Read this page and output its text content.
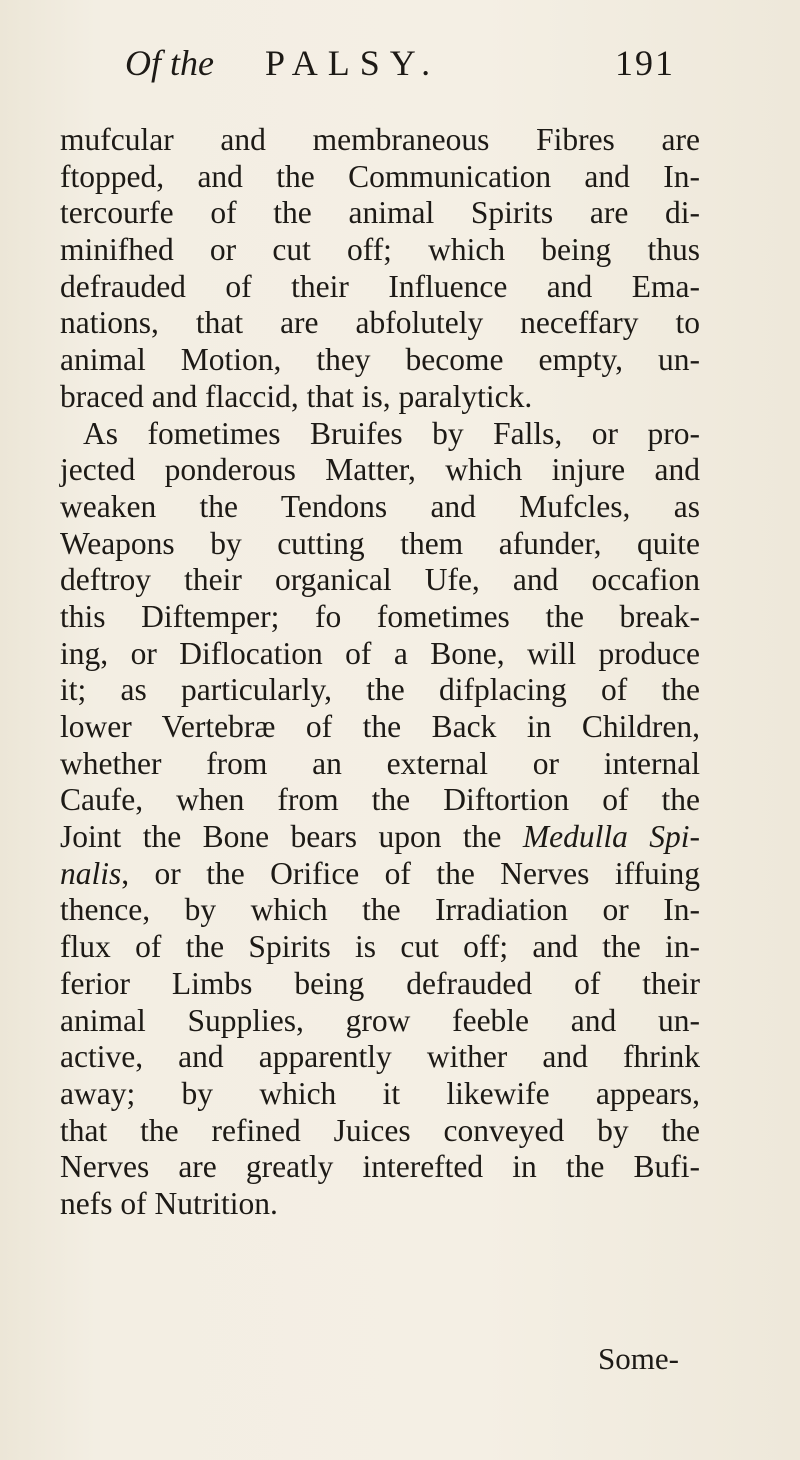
Of the PALSY.	191
mufcular and membraneous Fibres are
ftopped, and the Communication and In-
tercourfe of the animal Spirits are di-
minifhed or cut off; which being thus
defrauded of their Influence and Ema-
nations, that are abfolutely neceffary to
animal Motion, they become empty, un-
braced and flaccid, that is, paralytick.
As fometimes Bruifes by Falls, or pro-
jected ponderous Matter, which injure and
weaken the Tendons and Mufcles, as
Weapons by cutting them afunder, quite
deftroy their organical Ufe, and occafion
this Diftemper; fo fometimes the break-
ing, or Diflocation of a Bone, will produce
it; as particularly, the difplacing of the
lower Vertebræ of the Back in Children,
whether from an external or internal
Caufe, when from the Diftortion of the
Joint the Bone bears upon the Medulla Spi-
nalis, or the Orifice of the Nerves iffuing
thence, by which the Irradiation or In-
flux of the Spirits is cut off; and the in-
ferior Limbs being defrauded of their
animal Supplies, grow feeble and un-
active, and apparently wither and fhrink
away; by which it likewife appears,
that the refined Juices conveyed by the
Nerves are greatly interefted in the Bufi-
nefs of Nutrition.
Some-
